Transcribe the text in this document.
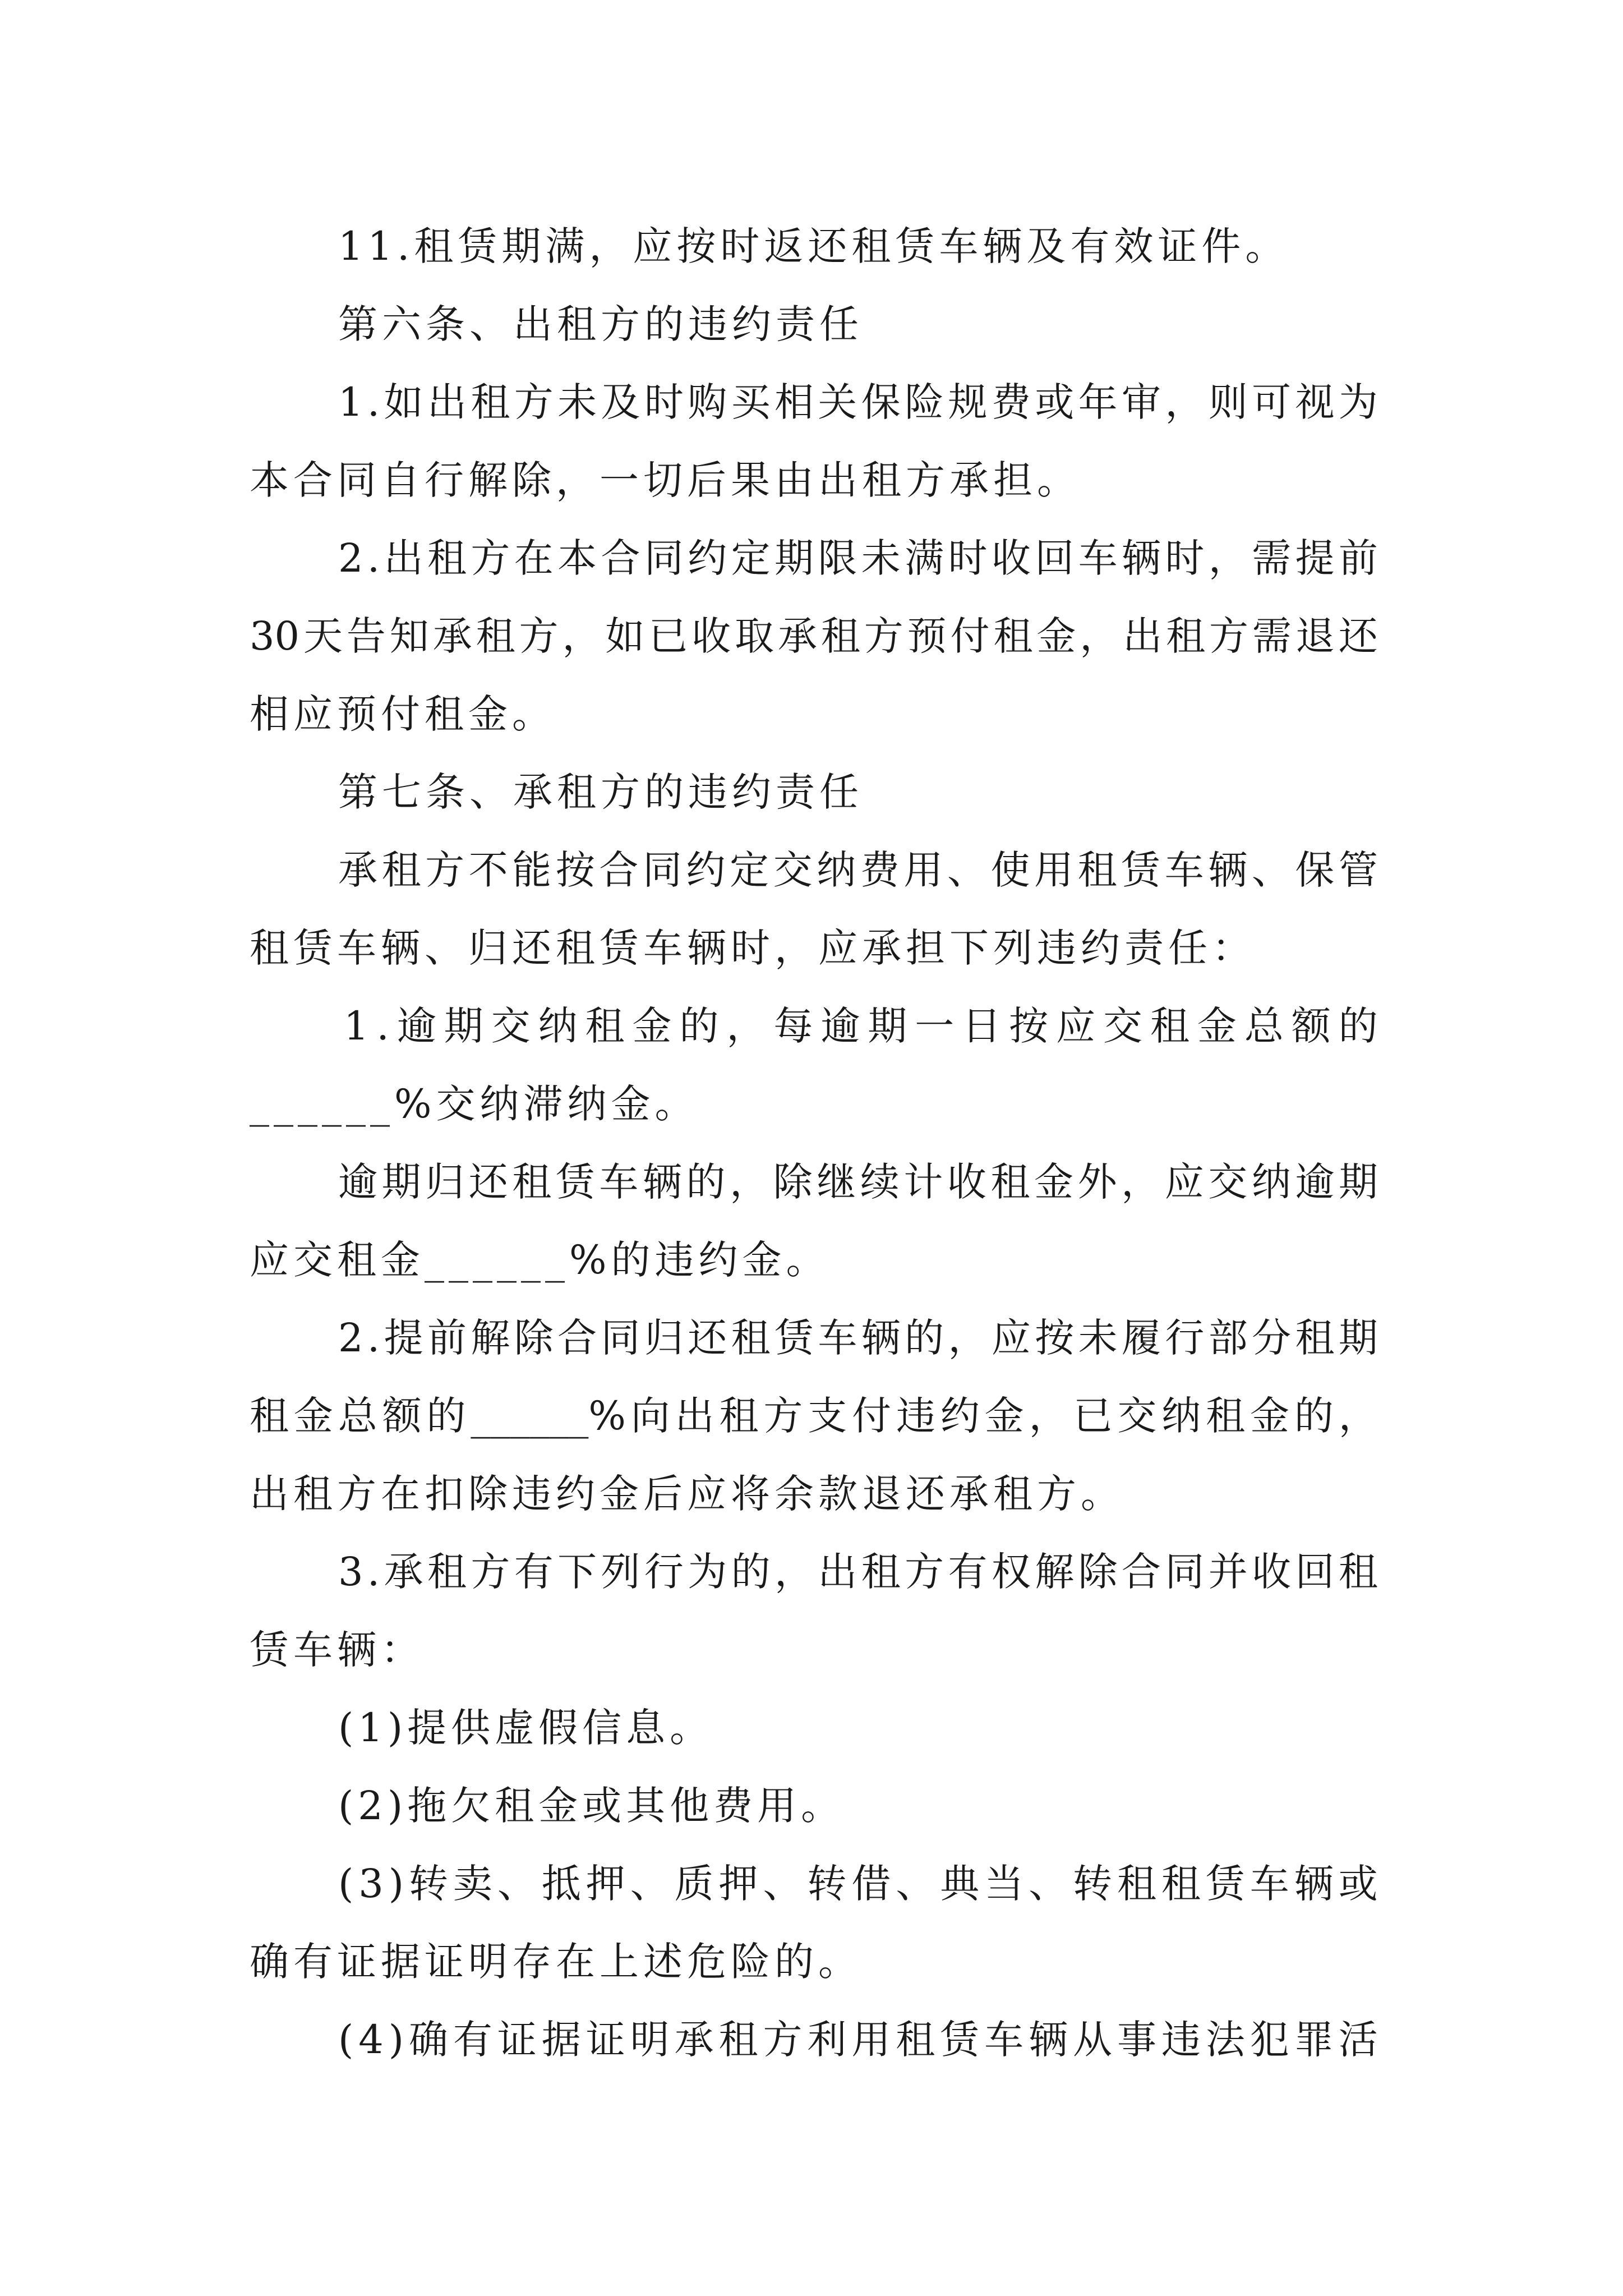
11.租赁期满，应按时返还租赁车辆及有效证件。
第六条、出租方的违约责任
1 . 如 出 租 方 未 及 时 购 买 相 关 保 险 规 费 或 年 审 ， 则 可 视 为
本合同自行解除，一切后果由出租方承担。
2 . 出 租 方 在 本 合 同 约 定 期 限 未 满 时 收 回 车 辆 时 ， 需 提 前
30 天 告 知 承 租 方 ， 如 已 收 取 承 租 方 预 付 租 金 ， 出 租 方 需 退 还
相应预付租金。
第七条、承租方的违约责任
承 租 方 不 能 按 合 同 约 定 交 纳 费 用 、 使 用 租 赁 车 辆 、 保 管
租赁车辆、归还租赁车辆时，应承担下列违约责任：
1 . 逾 期 交 纳 租 金 的 ， 每 逾 期 一 日 按 应 交 租 金 总 额 的
______%交纳滞纳金。
逾 期 归 还 租 赁 车 辆 的 ， 除 继 续 计 收 租 金 外 ， 应 交 纳 逾 期
应交租金______%的违约金。
2 . 提 前 解 除 合 同 归 还 租 赁 车 辆 的 ， 应 按 未 履 行 部 分 租 期
租 金 总 额 的 ______% 向 出 租 方 支 付 违 约 金 ， 已 交 纳 租 金 的 ，
出租方在扣除违约金后应将余款退还承租方。
3 . 承 租 方 有 下 列 行 为 的 ， 出 租 方 有 权 解 除 合 同 并 收 回 租
赁车辆：
(1)提供虚假信息。
(2)拖欠租金或其他费用。
( 3 ) 转 卖 、 抵 押 、 质 押 、 转 借 、 典 当 、 转 租 租 赁 车 辆 或
确有证据证明存在上述危险的。
( 4 ) 确 有 证 据 证 明 承 租 方 利 用 租 赁 车 辆 从 事 违 法 犯 罪 活
